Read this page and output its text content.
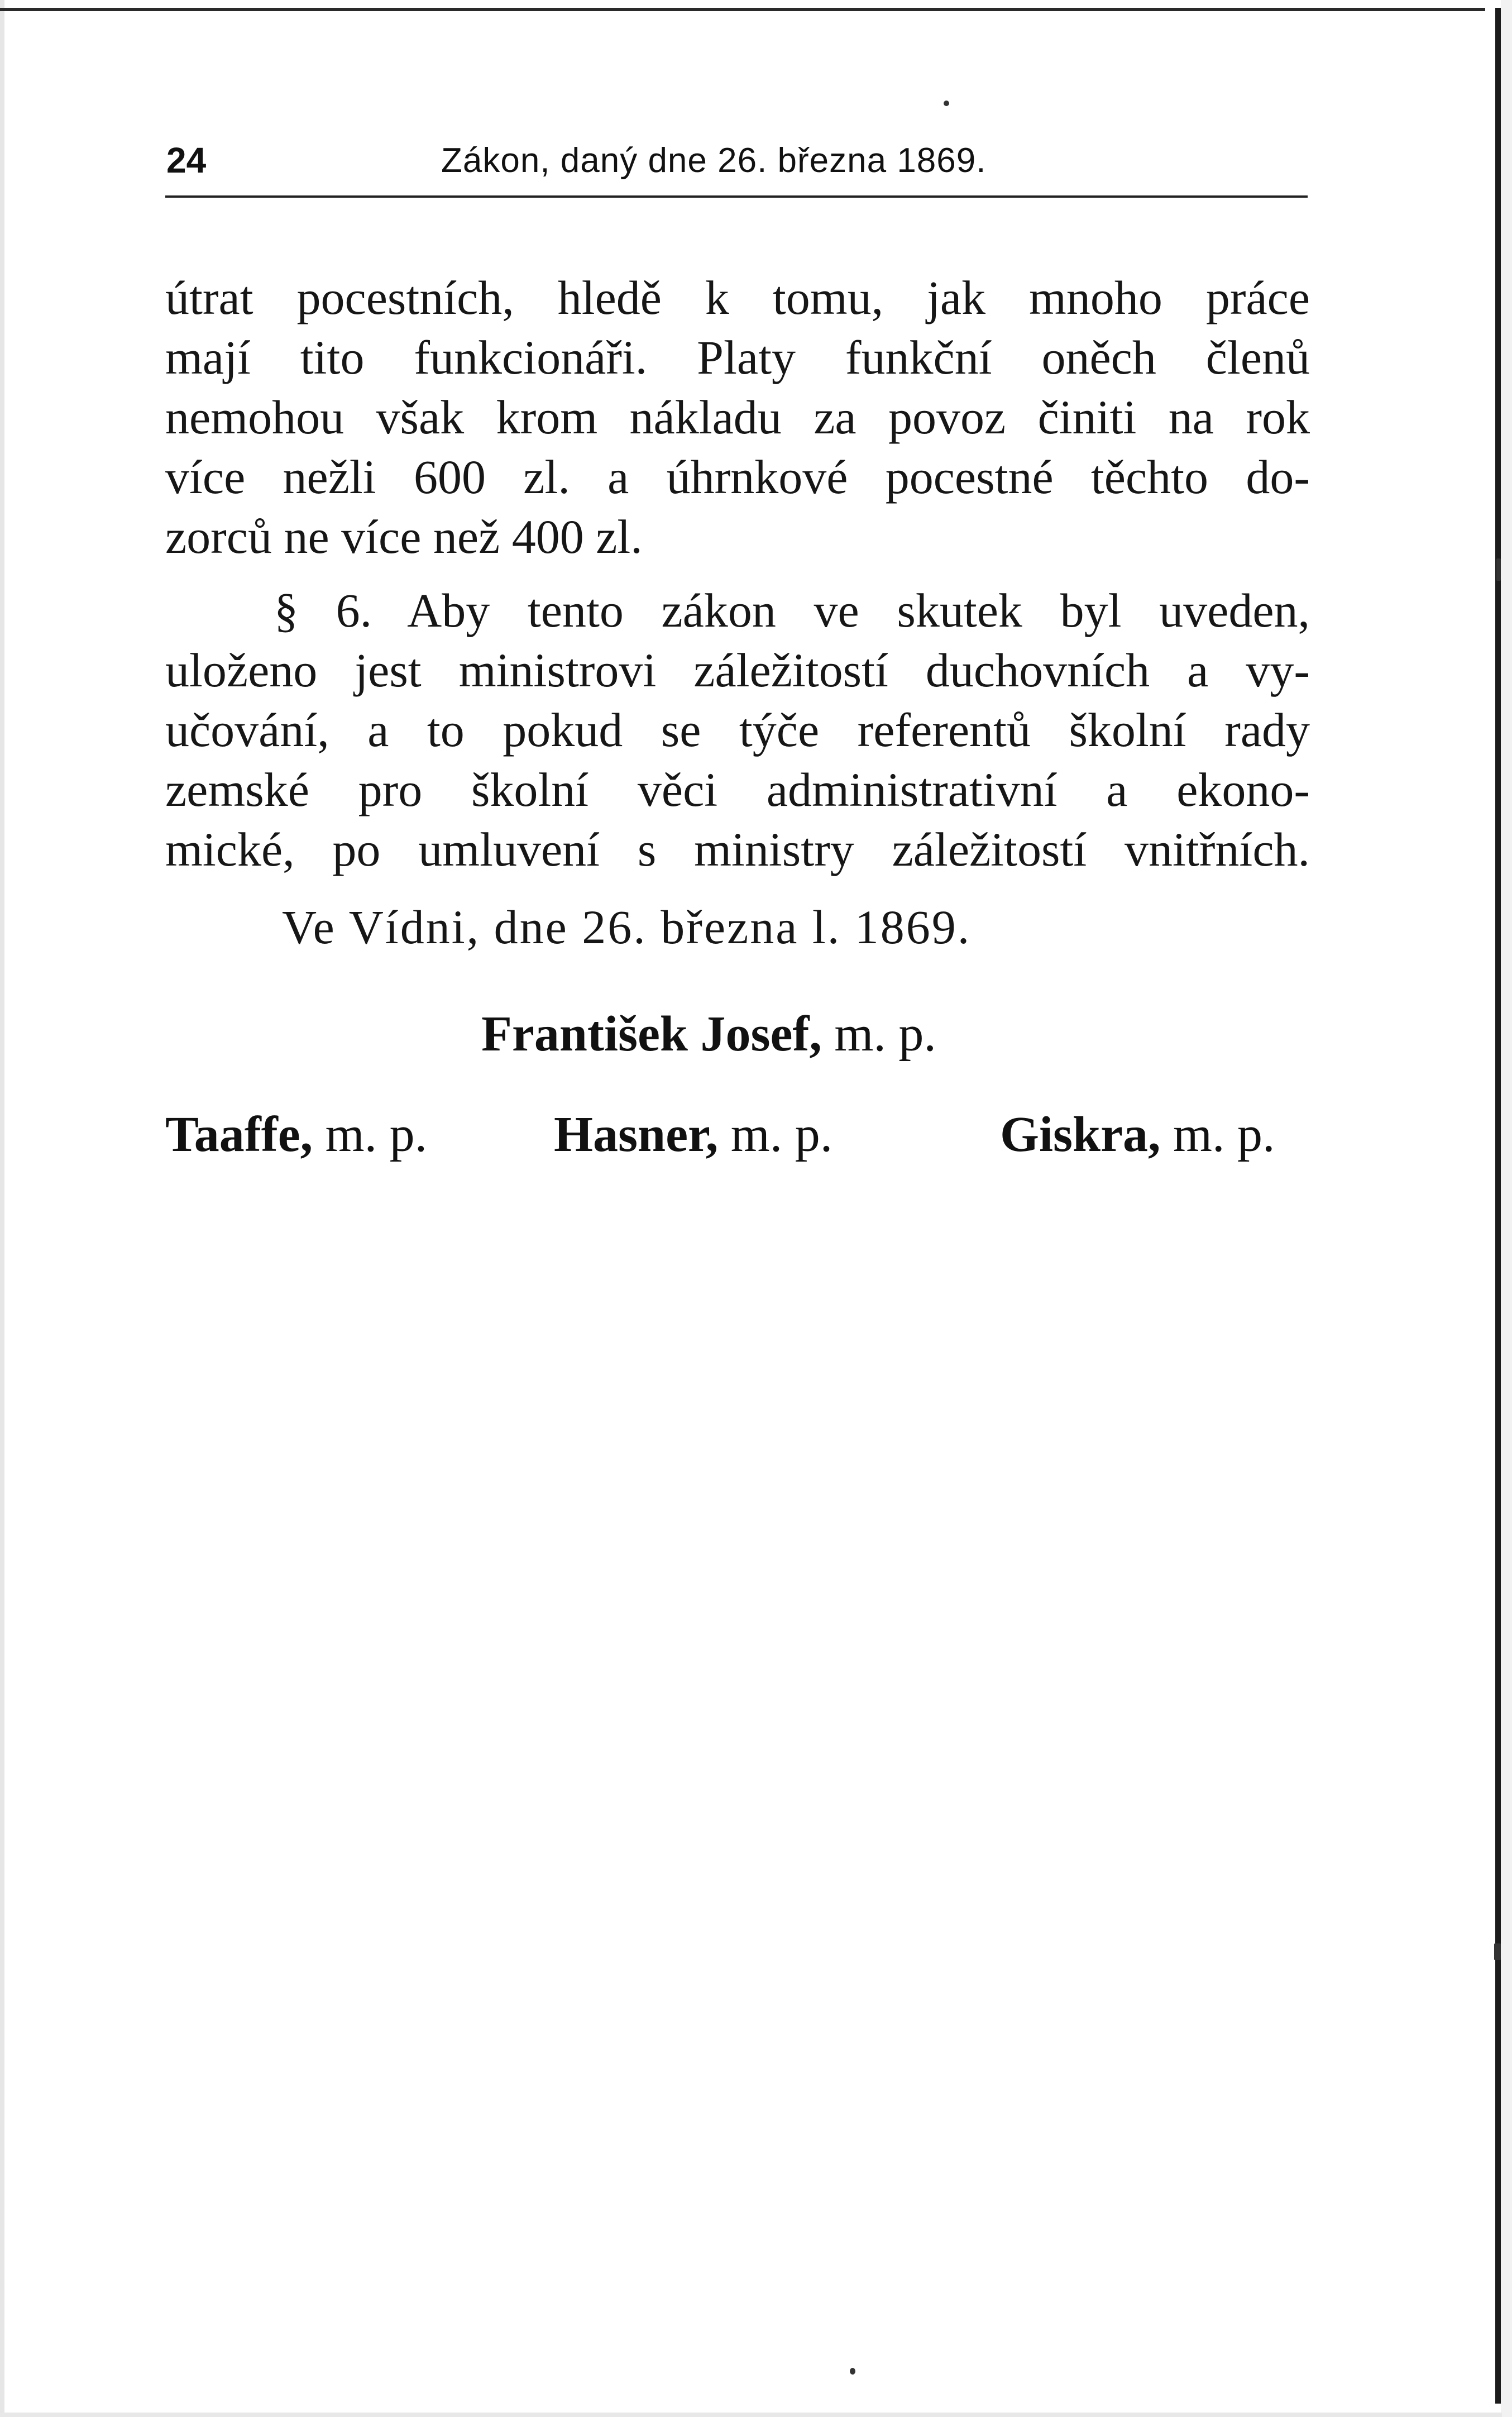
24	Zákon, daný dne 26. března 1869.
útrat pocestních, hledě k tomu, jak mnoho práce
mají tito funkcionáři. Platy funkční oněch členů
nemohou však krom nákladu za povoz činiti na rok
více nežli 600 zl. a úhrnkové pocestné těchto do-
zorců ne více než 400 zl.
§ 6. Aby tento zákon ve skutek byl uveden,
uloženo jest ministrovi záležitostí duchovních a vy-
učování, a to pokud se týče referentů školní rady
zemské pro školní věci administrativní a ekono-
mické, po umluvení s ministry záležitostí vnitřních.
Ve Vídni, dne 26. března l. 1869.
František Josef, m. p.
Taaffe, m. p.	Hasner, m. p.	Giskra, m. p.
